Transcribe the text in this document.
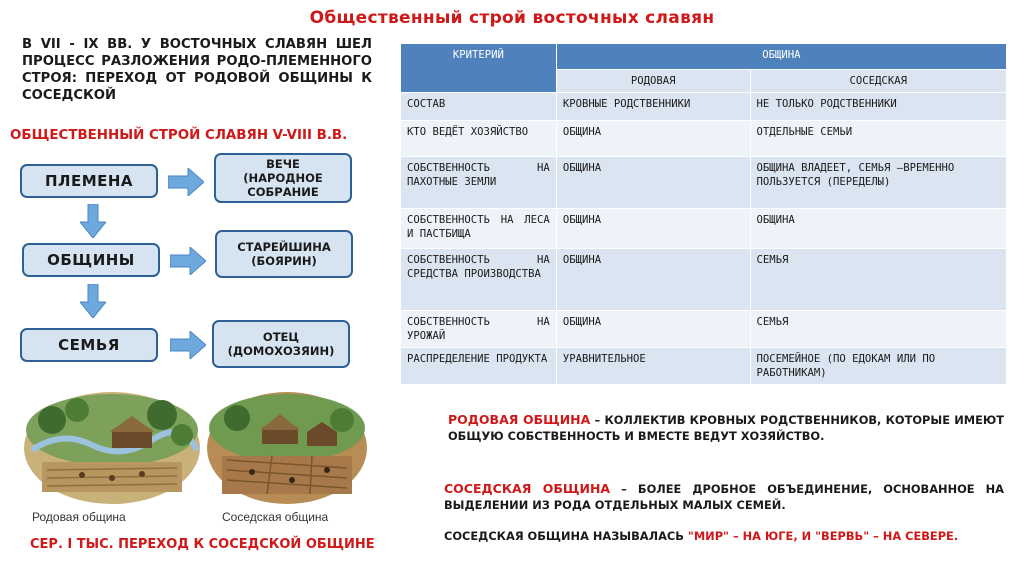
Общественный строй восточных славян
В VII - IX ВВ. У ВОСТОЧНЫХ СЛАВЯН ШЕЛ ПРОЦЕСС РАЗЛОЖЕНИЯ РОДО-ПЛЕМЕННОГО СТРОЯ: ПЕРЕХОД ОТ РОДОВОЙ ОБЩИНЫ К СОСЕДСКОЙ
ОБЩЕСТВЕННЫЙ СТРОЙ СЛАВЯН V-VIII В.В.
ПЛЕМЕНА
ОБЩИНЫ
СЕМЬЯ
ВЕЧЕ
(НАРОДНОЕ
СОБРАНИЕ
СТАРЕЙШИНА
(БОЯРИН)
ОТЕЦ
(ДОМОХОЗЯИН)
Родовая община	Соседская община
СЕР. I ТЫС. ПЕРЕХОД К СОСЕДСКОЙ ОБЩИНЕ
КРИТЕРИЙ	ОБЩИНА	
	РОДОВАЯ	СОСЕДСКАЯ
СОСТАВ	КРОВНЫЕ РОДСТВЕННИКИ	НЕ ТОЛЬКО РОДСТВЕННИКИ
КТО ВЕДЁТ ХОЗЯЙСТВО	ОБЩИНА	ОТДЕЛЬНЫЕ СЕМЬИ
СОБСТВЕННОСТЬ НА ПАХОТНЫЕ ЗЕМЛИ	ОБЩИНА	ОБЩИНА ВЛАДЕЕТ, СЕМЬЯ –ВРЕМЕННО ПОЛЬЗУЕТСЯ (ПЕРЕДЕЛЫ)
СОБСТВЕННОСТЬ НА ЛЕСА И ПАСТБИЩА	ОБЩИНА	ОБЩИНА
СОБСТВЕННОСТЬ НА СРЕДСТВА ПРОИЗВОДСТВА	ОБЩИНА	СЕМЬЯ
СОБСТВЕННОСТЬ НА УРОЖАЙ	ОБЩИНА	СЕМЬЯ
РАСПРЕДЕЛЕНИЕ ПРОДУКТА	УРАВНИТЕЛЬНОЕ	ПОСЕМЕЙНОЕ (ПО ЕДОКАМ ИЛИ ПО РАБОТНИКАМ)
РОДОВАЯ ОБЩИНА – КОЛЛЕКТИВ КРОВНЫХ РОДСТВЕННИКОВ, КОТОРЫЕ ИМЕЮТ ОБЩУЮ СОБСТВЕННОСТЬ И ВМЕСТЕ ВЕДУТ ХОЗЯЙСТВО.
СОСЕДСКАЯ ОБЩИНА – БОЛЕЕ ДРОБНОЕ ОБЪЕДИНЕНИЕ, ОСНОВАННОЕ НА ВЫДЕЛЕНИИ ИЗ РОДА ОТДЕЛЬНЫХ МАЛЫХ СЕМЕЙ.
СОСЕДСКАЯ ОБЩИНА НАЗЫВАЛАСЬ "МИР" – НА ЮГЕ, И "ВЕРВЬ" – НА СЕВЕРЕ.
